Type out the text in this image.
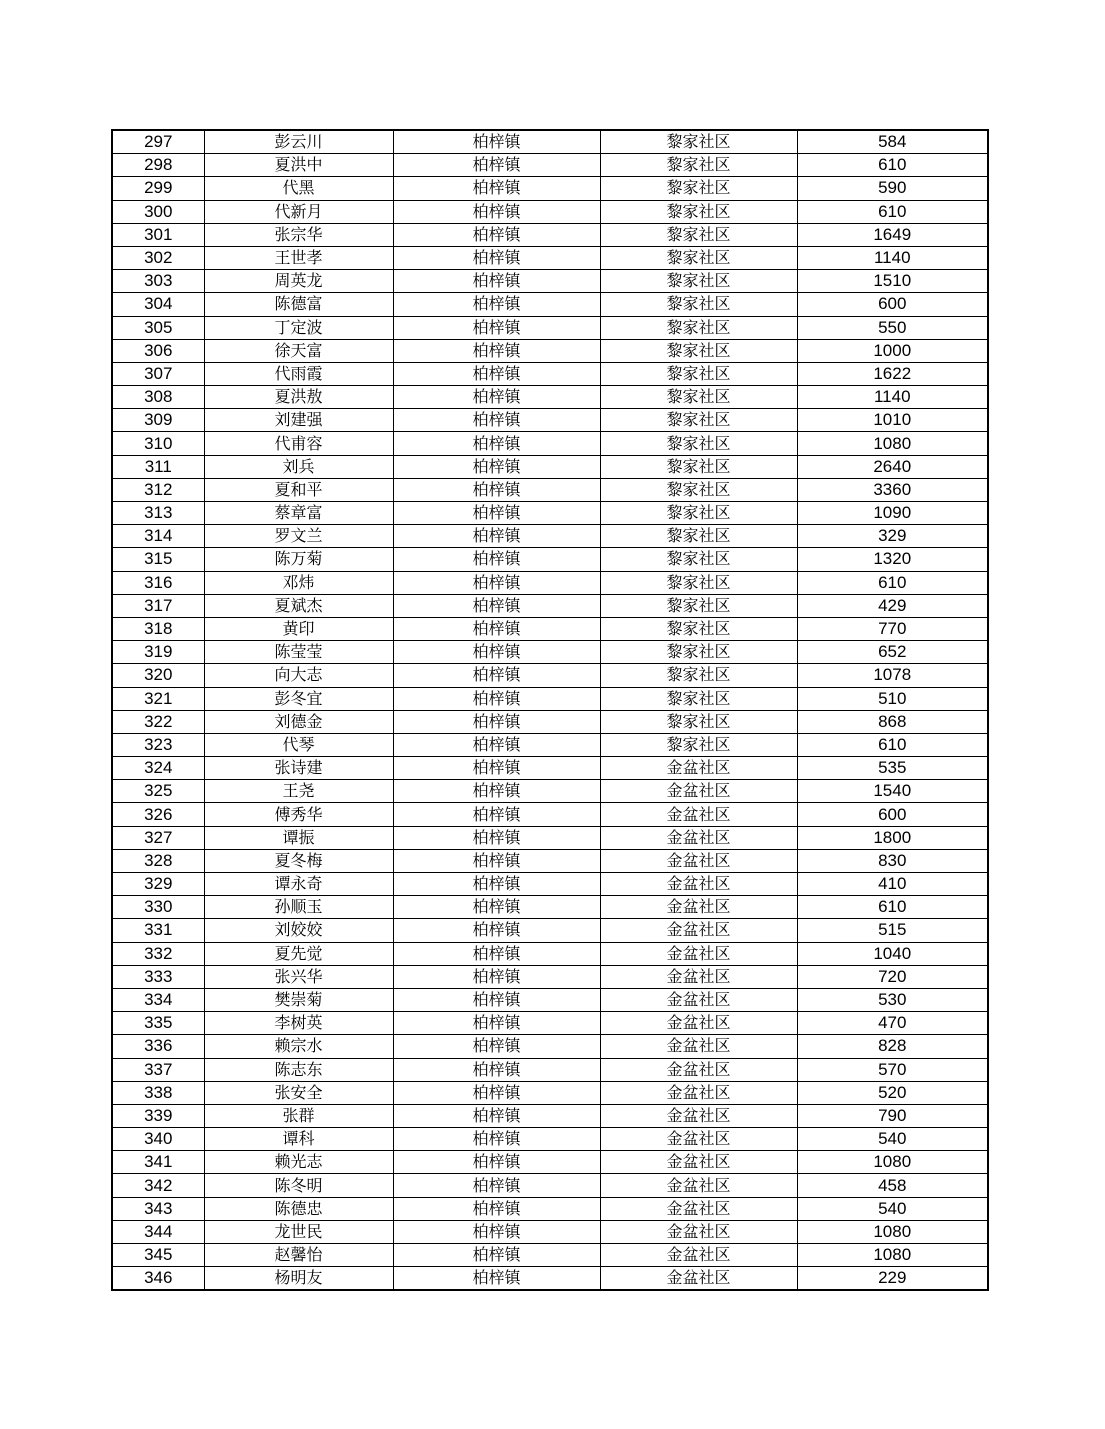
297	彭云川	柏梓镇	黎家社区	584
298	夏洪中	柏梓镇	黎家社区	610
299	代黑	柏梓镇	黎家社区	590
300	代新月	柏梓镇	黎家社区	610
301	张宗华	柏梓镇	黎家社区	1649
302	王世孝	柏梓镇	黎家社区	1140
303	周英龙	柏梓镇	黎家社区	1510
304	陈德富	柏梓镇	黎家社区	600
305	丁定波	柏梓镇	黎家社区	550
306	徐天富	柏梓镇	黎家社区	1000
307	代雨霞	柏梓镇	黎家社区	1622
308	夏洪敖	柏梓镇	黎家社区	1140
309	刘建强	柏梓镇	黎家社区	1010
310	代甫容	柏梓镇	黎家社区	1080
311	刘兵	柏梓镇	黎家社区	2640
312	夏和平	柏梓镇	黎家社区	3360
313	蔡章富	柏梓镇	黎家社区	1090
314	罗文兰	柏梓镇	黎家社区	329
315	陈万菊	柏梓镇	黎家社区	1320
316	邓炜	柏梓镇	黎家社区	610
317	夏斌杰	柏梓镇	黎家社区	429
318	黄印	柏梓镇	黎家社区	770
319	陈莹莹	柏梓镇	黎家社区	652
320	向大志	柏梓镇	黎家社区	1078
321	彭冬宜	柏梓镇	黎家社区	510
322	刘德金	柏梓镇	黎家社区	868
323	代琴	柏梓镇	黎家社区	610
324	张诗建	柏梓镇	金盆社区	535
325	王尧	柏梓镇	金盆社区	1540
326	傅秀华	柏梓镇	金盆社区	600
327	谭振	柏梓镇	金盆社区	1800
328	夏冬梅	柏梓镇	金盆社区	830
329	谭永奇	柏梓镇	金盆社区	410
330	孙顺玉	柏梓镇	金盆社区	610
331	刘姣姣	柏梓镇	金盆社区	515
332	夏先觉	柏梓镇	金盆社区	1040
333	张兴华	柏梓镇	金盆社区	720
334	樊崇菊	柏梓镇	金盆社区	530
335	李树英	柏梓镇	金盆社区	470
336	赖宗水	柏梓镇	金盆社区	828
337	陈志东	柏梓镇	金盆社区	570
338	张安全	柏梓镇	金盆社区	520
339	张群	柏梓镇	金盆社区	790
340	谭科	柏梓镇	金盆社区	540
341	赖光志	柏梓镇	金盆社区	1080
342	陈冬明	柏梓镇	金盆社区	458
343	陈德忠	柏梓镇	金盆社区	540
344	龙世民	柏梓镇	金盆社区	1080
345	赵馨怡	柏梓镇	金盆社区	1080
346	杨明友	柏梓镇	金盆社区	229
